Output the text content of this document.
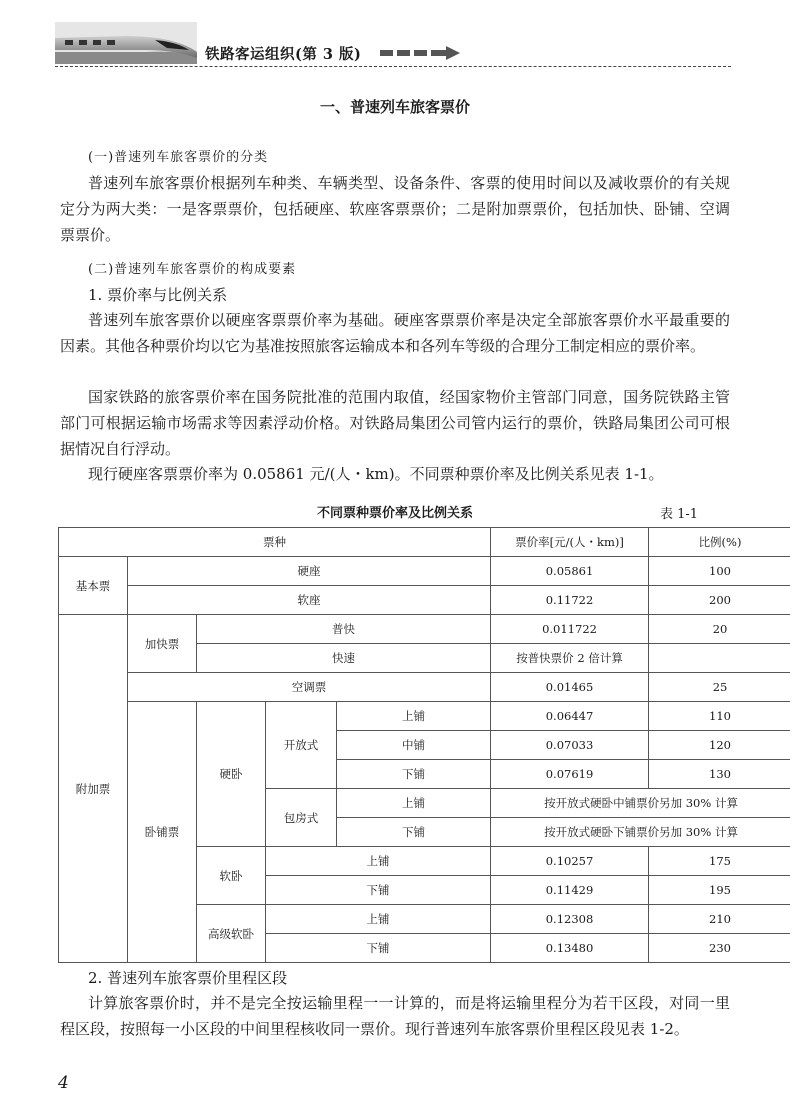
铁路客运组织(第 3 版)
一、普速列车旅客票价
(一)普速列车旅客票价的分类
普速列车旅客票价根据列车种类、车辆类型、设备条件、客票的使用时间以及减收票价的有关规定分为两大类：一是客票票价，包括硬座、软座客票票价；二是附加票票价，包括加快、卧铺、空调票票价。
(二)普速列车旅客票价的构成要素
1. 票价率与比例关系
普速列车旅客票价以硬座客票票价率为基础。硬座客票票价率是决定全部旅客票价水平最重要的因素。其他各种票价均以它为基准按照旅客运输成本和各列车等级的合理分工制定相应的票价率。
国家铁路的旅客票价率在国务院批准的范围内取值，经国家物价主管部门同意，国务院铁路主管部门可根据运输市场需求等因素浮动价格。对铁路局集团公司管内运行的票价，铁路局集团公司可根据情况自行浮动。
现行硬座客票票价率为 0.05861 元/(人・km)。不同票种票价率及比例关系见表 1-1。
不同票种票价率及比例关系	表 1-1
票种					票价率[元/(人・km)]	比例(%)
基本票	硬座				0.05861	100
	软座				0.11722	200
附加票	加快票	普快			0.011722	20
		快速			按普快票价 2 倍计算	
	空调票				0.01465	25
	卧铺票	硬卧	开放式	上铺	0.06447	110
				中铺	0.07033	120
				下铺	0.07619	130
			包房式	上铺	按开放式硬卧中铺票价另加 30% 计算	
				下铺	按开放式硬卧下铺票价另加 30% 计算	
		软卧	上铺		0.10257	175
			下铺		0.11429	195
		高级软卧	上铺		0.12308	210
			下铺		0.13480	230
2. 普速列车旅客票价里程区段
计算旅客票价时，并不是完全按运输里程一一计算的，而是将运输里程分为若干区段，对同一里程区段，按照每一小区段的中间里程核收同一票价。现行普速列车旅客票价里程区段见表 1-2。
4
